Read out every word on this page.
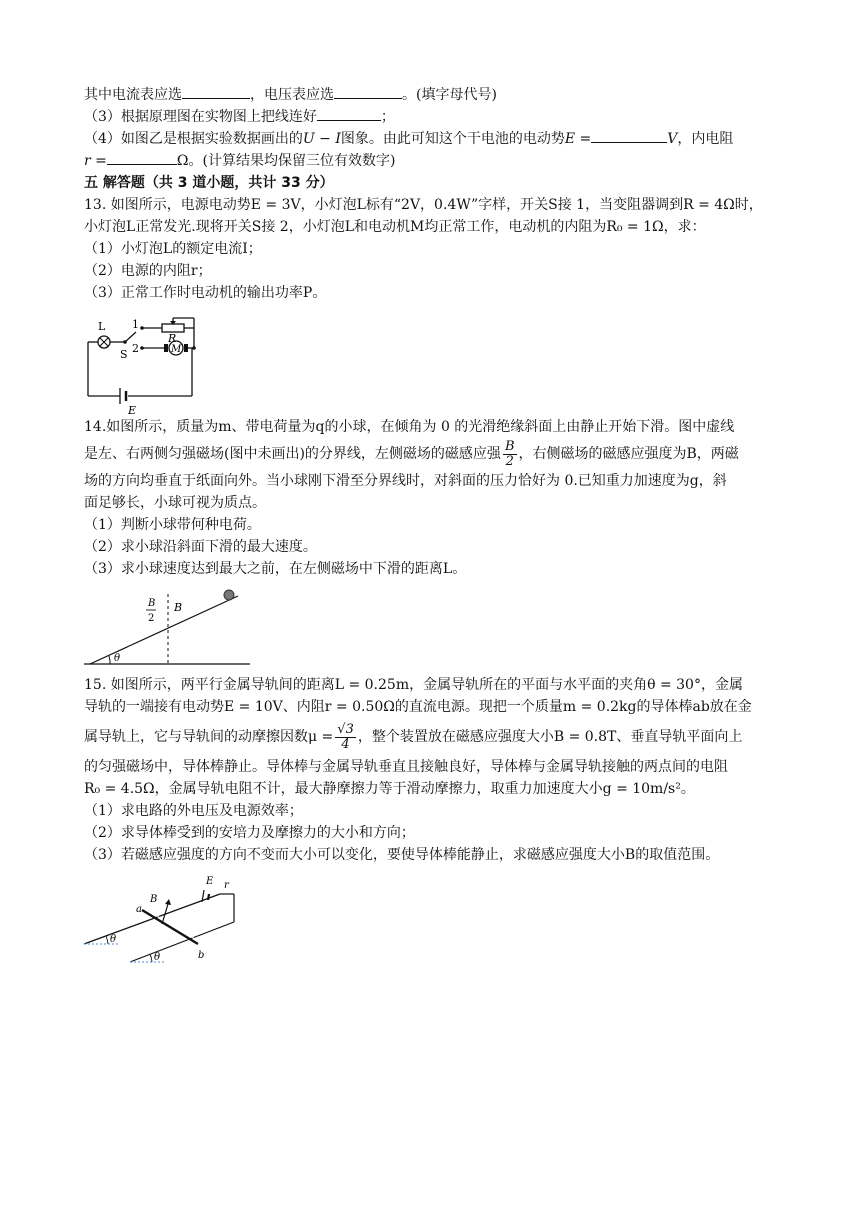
其中电流表应选	，电压表应选	。(填字母代号)
（3）根据原理图在实物图上把线连好	；
（4）如图乙是根据实验数据画出的U − I图象。由此可知这个干电池的电动势E =	V，内电阻
r =	Ω。(计算结果均保留三位有效数字)
五 解答题（共 3 道小题，共计 33 分）
13. 如图所示，电源电动势E = 3V，小灯泡L标有“2V，0.4W”字样，开关S接 1，当变阻器调到R = 4Ω时，
小灯泡L正常发光.现将开关S接 2，小灯泡L和电动机M均正常工作，电动机的内阻为R₀ = 1Ω，求：
（1）小灯泡L的额定电流I；
（2）电源的内阻r；
（3）正常工作时电动机的输出功率P。
E
L
S
1
R
2	M
14.如图所示，质量为m、带电荷量为q的小球，在倾角为 0 的光滑绝缘斜面上由静止开始下滑。图中虚线
是左、右两侧匀强磁场(图中未画出)的分界线，左侧磁场的磁感应强 $\frac{B}{2}$ ，右侧磁场的磁感应强度为B，两磁
场的方向均垂直于纸面向外。当小球刚下滑至分界线时，对斜面的压力恰好为 0.已知重力加速度为g，斜
面足够长，小球可视为质点。
（1）判断小球带何种电荷。
（2）求小球沿斜面下滑的最大速度。
（3）求小球速度达到最大之前，在左侧磁场中下滑的距离L。
B
2
B
θ
15. 如图所示，两平行金属导轨间的距离L = 0.25m，金属导轨所在的平面与水平面的夹角θ = 30°，金属
导轨的一端接有电动势E = 10V、内阻r = 0.50Ω的直流电源。现把一个质量m = 0.2kg的导体棒ab放在金
属导轨上，它与导轨间的动摩擦因数$\mu = \frac{√3}{4}$ ，整个装置放在磁感应强度大小B = 0.8T、垂直导轨平面向上
的匀强磁场中，导体棒静止。导体棒与金属导轨垂直且接触良好，导体棒与金属导轨接触的两点间的电阻
R₀ = 4.5Ω，金属导轨电阻不计，最大静摩擦力等于滑动摩擦力，取重力加速度大小g = 10m/s²。
（1）求电路的外电压及电源效率；
（2）求导体棒受到的安培力及摩擦力的大小和方向；
（3）若磁感应强度的方向不变而大小可以变化，要使导体棒能静止，求磁感应强度大小B的取值范围。
E r
a
b
B
θ
θ
